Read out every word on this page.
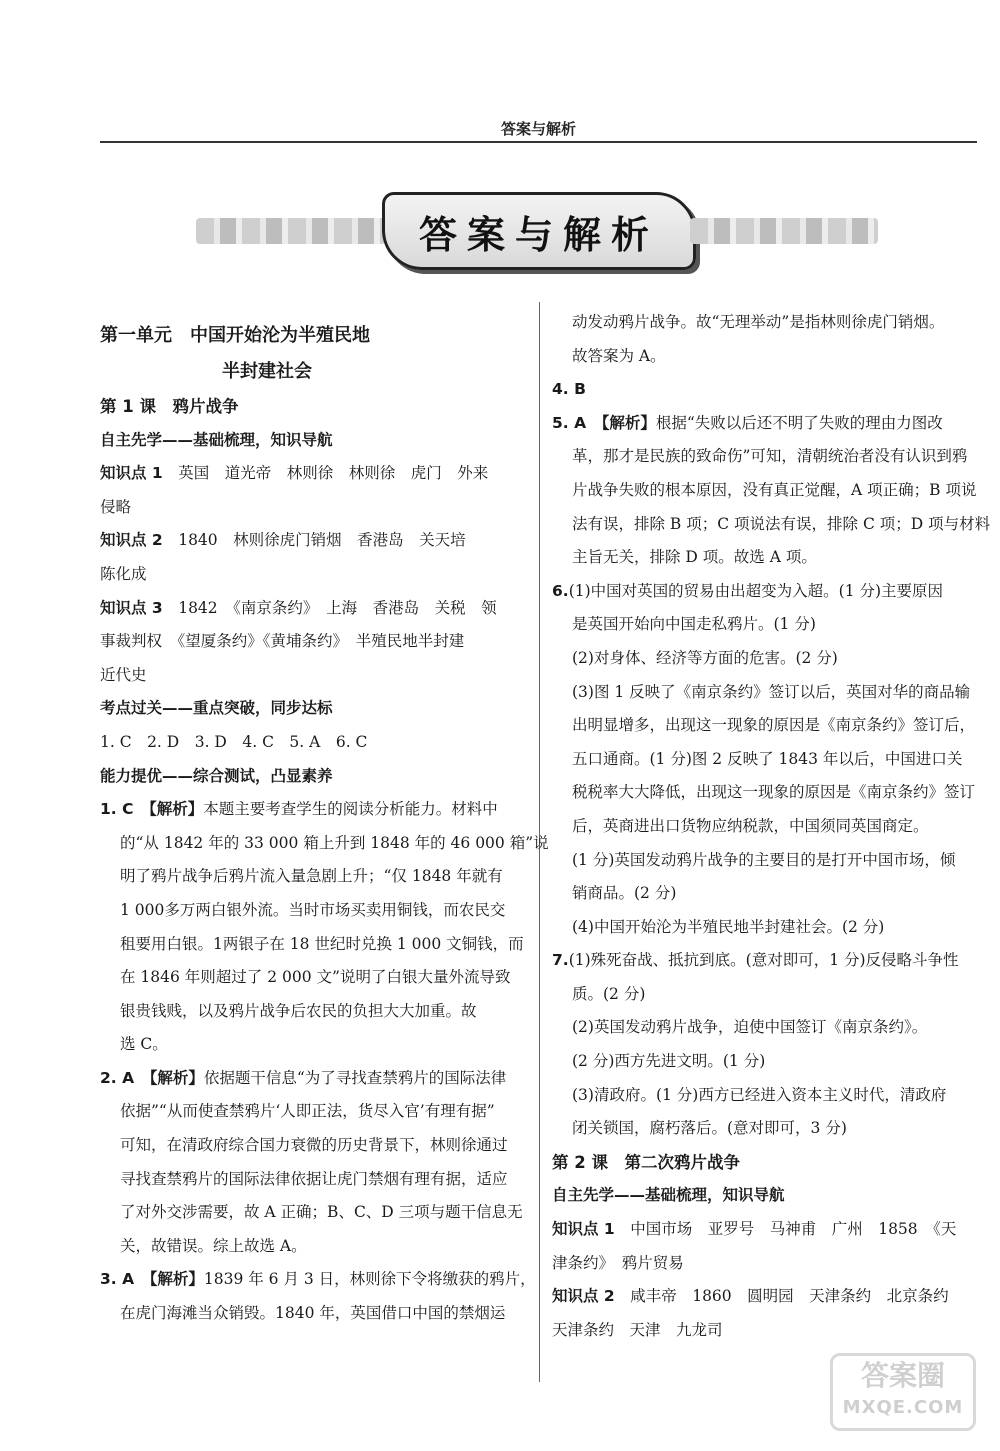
答案与解析
答案与解析

第一单元　中国开始沦为半殖民地

半封建社会

第 1 课　鸦片战争

自主先学——基础梳理，知识导航

知识点 1　 英国　道光帝　林则徐　林则徐　虎门　外来

侵略

知识点 2　 1840　林则徐虎门销烟　香港岛　关天培

陈化成

知识点 3　 1842　《南京条约》　上海　香港岛　关税　领

事裁判权　《望厦条约》《黄埔条约》　半殖民地半封建

近代史

考点过关——重点突破，同步达标

1. C　2. D　3. D　4. C　5. A　6. C

能力提优——综合测试，凸显素养

1. C　 【解析】本题主要考查学生的阅读分析能力。材料中

的“从 1842 年的 33 000 箱上升到 1848 年的 46 000 箱”说

明了鸦片战争后鸦片流入量急剧上升；“仅 1848 年就有

1 000多万两白银外流。当时市场买卖用铜钱，而农民交

租要用白银。1两银子在 18 世纪时兑换 1 000 文铜钱，而

在 1846 年则超过了 2 000 文”说明了白银大量外流导致

银贵钱贱，以及鸦片战争后农民的负担大大加重。故

选 C。

2. A　 【解析】依据题干信息“为了寻找查禁鸦片的国际法律

依据”“从而使查禁鸦片‘人即正法，货尽入官’有理有据”

可知，在清政府综合国力衰微的历史背景下，林则徐通过

寻找查禁鸦片的国际法律依据让虎门禁烟有理有据，适应

了对外交涉需要，故 A 正确；B、C、D 三项与题干信息无

关，故错误。综上故选 A。

3. A　 【解析】1839 年 6 月 3 日，林则徐下令将缴获的鸦片，

在虎门海滩当众销毁。1840 年，英国借口中国的禁烟运

动发动鸦片战争。故“无理举动”是指林则徐虎门销烟。

故答案为 A。

4. B

5. A　 【解析】根据“失败以后还不明了失败的理由力图改

革，那才是民族的致命伤”可知，清朝统治者没有认识到鸦

片战争失败的根本原因，没有真正觉醒，A 项正确；B 项说

法有误，排除 B 项；C 项说法有误，排除 C 项；D 项与材料

主旨无关，排除 D 项。故选 A 项。

6.(1)中国对英国的贸易由出超变为入超。(1 分)主要原因

是英国开始向中国走私鸦片。(1 分)

(2)对身体、经济等方面的危害。(2 分)

(3)图 1 反映了《南京条约》签订以后，英国对华的商品输

出明显增多，出现这一现象的原因是《南京条约》签订后，

五口通商。(1 分)图 2 反映了 1843 年以后，中国进口关

税税率大大降低，出现这一现象的原因是《南京条约》签订

后，英商进出口货物应纳税款，中国须同英国商定。

(1 分)英国发动鸦片战争的主要目的是打开中国市场，倾

销商品。(2 分)

(4)中国开始沦为半殖民地半封建社会。(2 分)

7.(1)殊死奋战、抵抗到底。(意对即可，1 分)反侵略斗争性

质。(2 分)

(2)英国发动鸦片战争，迫使中国签订《南京条约》。

(2 分)西方先进文明。(1 分)

(3)清政府。(1 分)西方已经进入资本主义时代，清政府

闭关锁国，腐朽落后。(意对即可，3 分)

第 2 课　第二次鸦片战争

自主先学——基础梳理，知识导航

知识点 1　 中国市场　亚罗号　马神甫　广州　1858　《天

津条约》　鸦片贸易

知识点 2　 咸丰帝　1860　圆明园　天津条约　北京条约

天津条约　天津　九龙司

答案圈
MXQE.COM
